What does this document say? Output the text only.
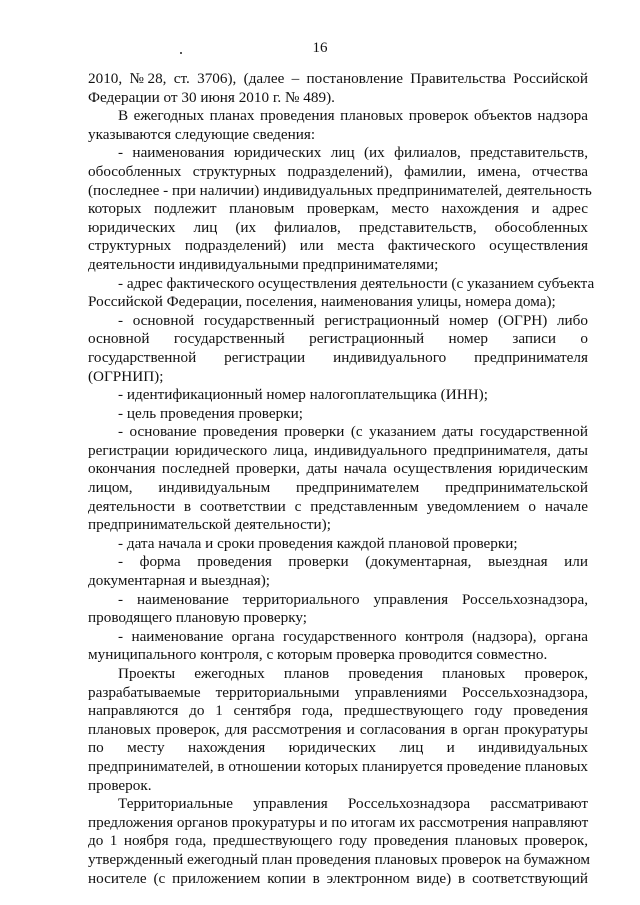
16
2010, №28, ст. 3706), (далее – постановление Правительства Российской
Федерации от 30 июня 2010 г. № 489).
В ежегодных планах проведения плановых проверок объектов надзора
указываются следующие сведения:
- наименования юридических лиц (их филиалов, представительств,
обособленных структурных подразделений), фамилии, имена, отчества
(последнее - при наличии) индивидуальных предпринимателей, деятельность
которых подлежит плановым проверкам, место нахождения и адрес
юридических лиц (их филиалов, представительств, обособленных
структурных подразделений) или места фактического осуществления
деятельности индивидуальными предпринимателями;
- адрес фактического осуществления деятельности (с указанием субъекта
Российской Федерации, поселения, наименования улицы, номера дома);
- основной государственный регистрационный номер (ОГРН) либо
основной государственный регистрационный номер записи о
государственной регистрации индивидуального предпринимателя
(ОГРНИП);
- идентификационный номер налогоплательщика (ИНН);
- цель проведения проверки;
- основание проведения проверки (с указанием даты государственной
регистрации юридического лица, индивидуального предпринимателя, даты
окончания последней проверки, даты начала осуществления юридическим
лицом, индивидуальным предпринимателем предпринимательской
деятельности в соответствии с представленным уведомлением о начале
предпринимательской деятельности);
- дата начала и сроки проведения каждой плановой проверки;
- форма проведения проверки (документарная, выездная или
документарная и выездная);
- наименование территориального управления Россельхознадзора,
проводящего плановую проверку;
- наименование органа государственного контроля (надзора), органа
муниципального контроля, с которым проверка проводится совместно.
Проекты ежегодных планов проведения плановых проверок,
разрабатываемые территориальными управлениями Россельхознадзора,
направляются до 1 сентября года, предшествующего году проведения
плановых проверок, для рассмотрения и согласования в орган прокуратуры
по месту нахождения юридических лиц и индивидуальных
предпринимателей, в отношении которых планируется проведение плановых
проверок.
Территориальные управления Россельхознадзора рассматривают
предложения органов прокуратуры и по итогам их рассмотрения направляют
до 1 ноября года, предшествующего году проведения плановых проверок,
утвержденный ежегодный план проведения плановых проверок на бумажном
носителе (с приложением копии в электронном виде) в соответствующий
